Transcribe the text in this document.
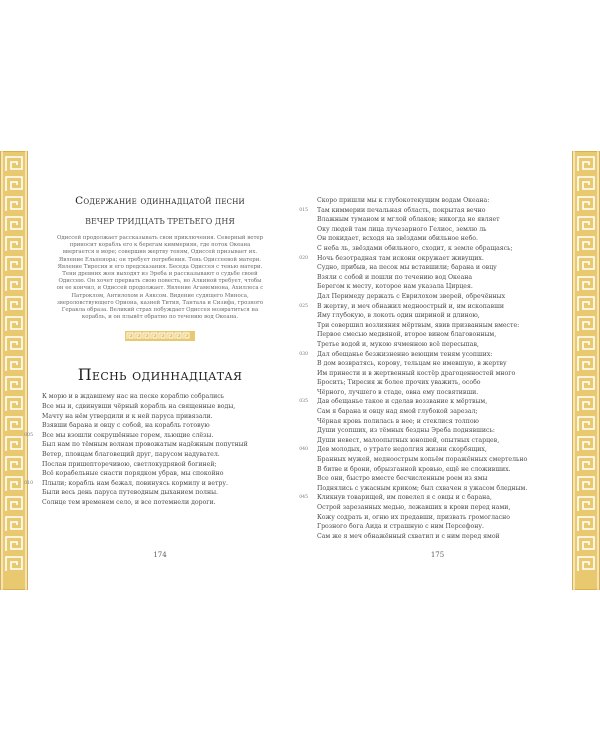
Содержание одиннадцатой песни
ВЕЧЕР ТРИДЦАТЬ ТРЕТЬЕГО ДНЯ

Одиссей продолжает рассказывать свои приключения. Северный ветер приносит корабль его к берегам киммериян, где поток Океана ввергается в море; совершив жертву теням, Одиссей призывает их. Явление Ельпенора; он требует погребения. Тень Одиссеевой матери. Явление Тиресия и его предсказания. Беседа Одиссея с тенью матери. Тени древних жен выходят из Эреба и рассказывают о судьбе своей Одиссею. Он хочет прервать свою повесть, но Алкиной требует, чтобы он ее кончил, и Одиссей продолжает. Явление Агамемнона, Ахиллеса с Патроклом, Антилохом и Аяксом. Видение судящего Миноса, звероловствующего Ориона, казней Тития, Тантала и Сизифа, грозного Геракла образа. Великий страх побуждает Одиссея возвратиться на корабль, и он плывёт обратно по течению вод Океана.

Песнь одиннадцатая
К морю и в ждавшему нас на песке кораблю собрались
Все мы и, сдвинувши чёрный корабль на священные воды,
Мачту на нём утвердили и к ней парусa привязали.
Взявши барана и овцу с собой, на корабль готовую
005 Все мы взошли сокрушённые горем, льющие слёзы.
Был нам по тёмным волнам провожатым надёжным попутный
Ветер, пловцам благовещий друг, парусом надувател.
Послан пришепторечивою, светлокудрявой богиней;
Всё корабельные снасти порядком убрав, мы спокойно
010 Плыли; корабль нам бежал, повинуясь кормилу и ветру.
Были весь день паруса путеводным дыханием полны.
Солнце тем временем село, и все потемнели дороги.
174
Скоро пришли мы к глубокотекущим водам Океана:
015 Там киммерии печальная область, покрытая вечно
Влажным туманом и мглой облаков; никогда не являет
Оку людей там лица лучезарного Гелиос, землю ль
Он покидает, всходя на звёздами обильное небо.
С неба ль, звёздами обильного, сходит, к земле обращаясь;
020 Ночь безотрадная там искони окружает живущих.
Судно, прибыв, на песок мы вставшили; барана и овцу
Взяли с собой и пошли по течению вод Океана
Берегом к месту, которое нам указала Цирцея.
Дал Перимеду держать с Еврилохом зверей, обречённых
025 В жертву, и меч обнажил медноострый и, им ископавши
Яму глубокую, в локоть один шириной и длиною,
Три совершил возлияния мёртвым, явив призванным вместе:
Первое смесью медвяной, второе вином благовонным,
Третье водой и, мукою ячменною всё пересыпав,
030 Дал обещанье безжизненно веющим теням усопших:
В дом возвратясь, корову, тельцам не имевшую, в жертву
Им принести и в жертвенный костёр драгоценностей много
Бросить; Тиресия ж более прочих уважить, особо
Чёрного, лучшего в стаде, овна ему посвятивши.
035 Дав обещанье такое и сделав воззвание к мёртвым,
Сам я барана и овцу над ямой глубокой зарезал;
Чёрная кровь полилась в нее; и стеклися толпою
Души усопших, из тёмных бездны Эреба поднявшись:
Души невест, малоопытных юношей, опытных старцев,
040 Дев молодых, о утрате недолгия жизни скорбящих,
Бранных мужей, медноострым копьём поражённых смертельно
В битве и брони, обрызганной кровью, ещё не сложивших.
Все они, быстро вместе бесчисленным роем из ямы
Поднялись с ужасным криком; был схвачен я ужасом бледным.
045 Кликнув товарищей, им повелел я с овцы и с барана,
Острой зарезанных медью, лежавших в крови перед нами,
Кожу содрать и, огню их предавши, призвать громогласно
Грозного бога Аида и страшную с ним Персефону.
Сам же я меч обнажённый схватил и с ним перед ямой
175
